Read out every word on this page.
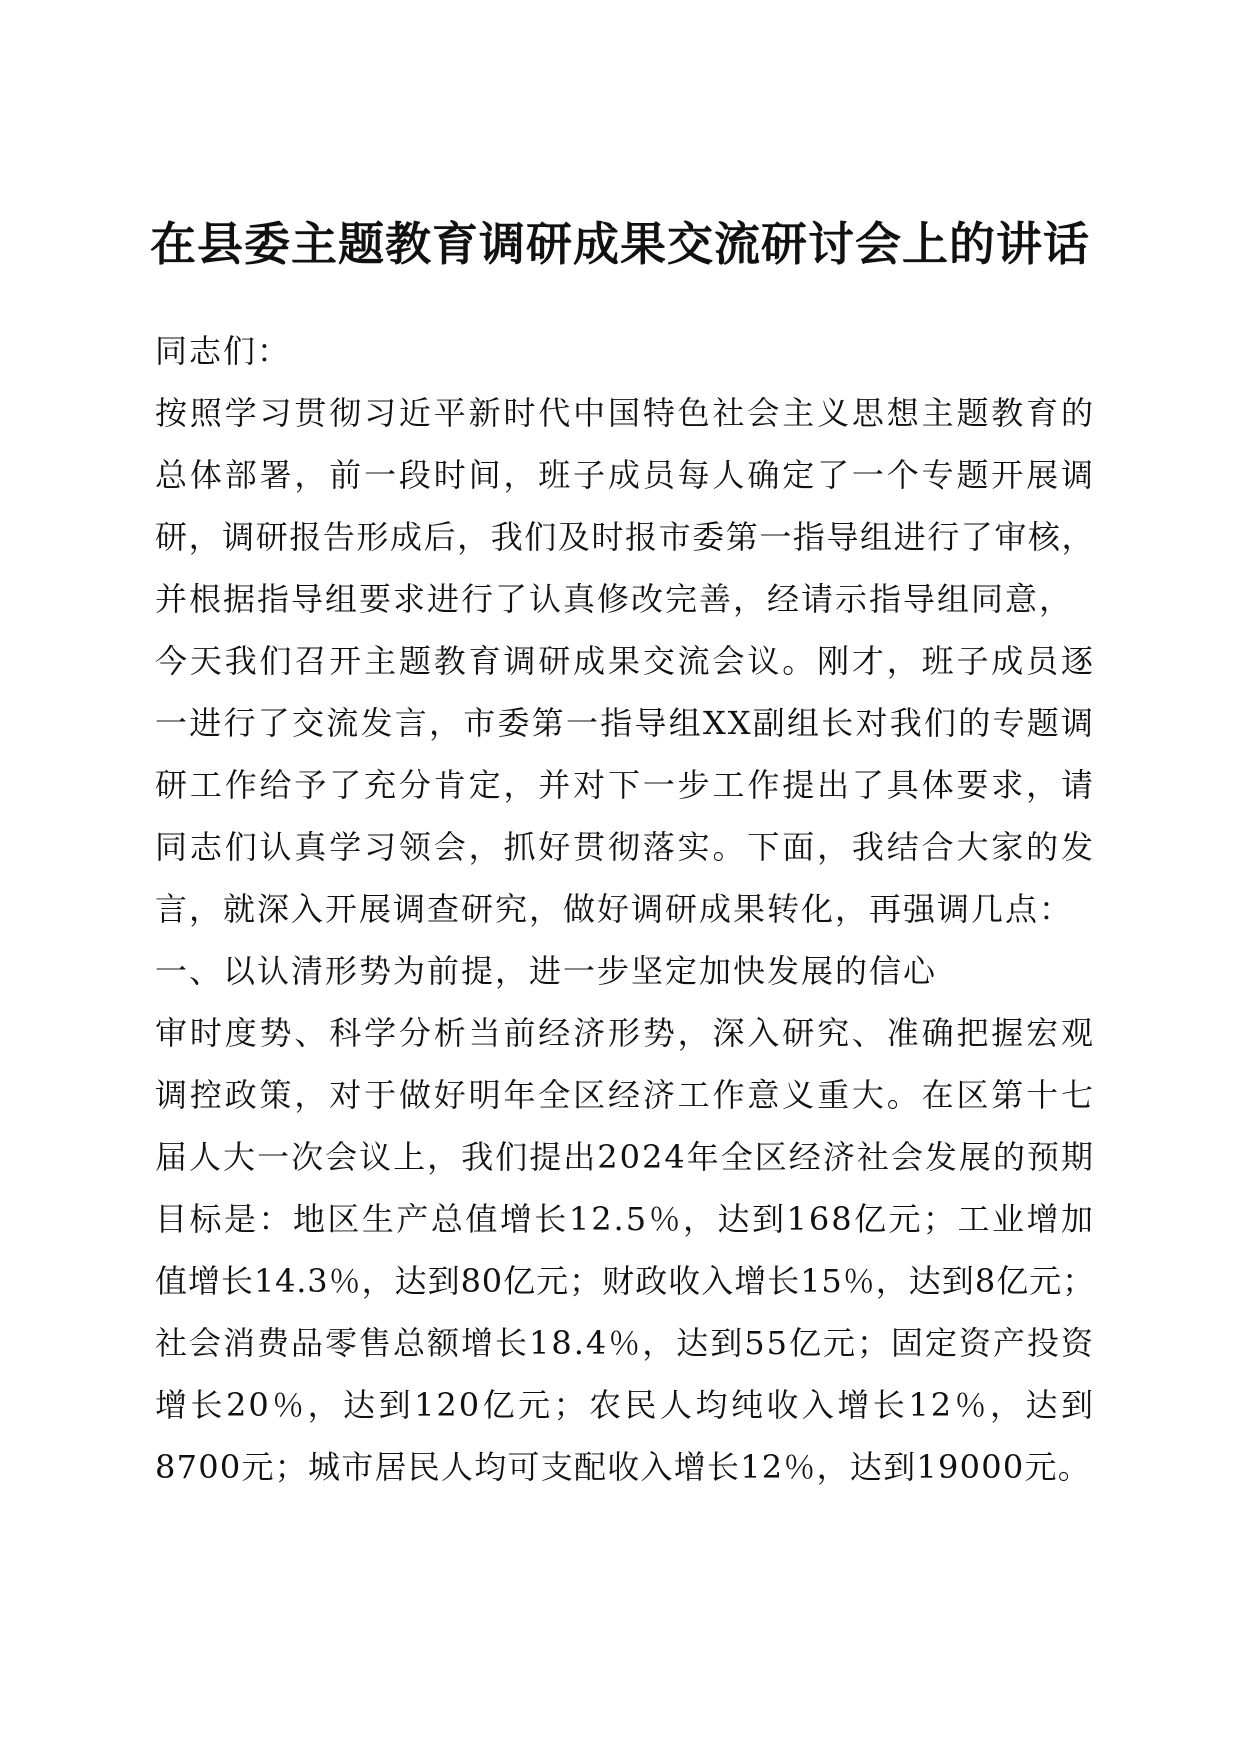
在县委主题教育调研成果交流研讨会上的讲话
同志们：
按照学习贯彻习近平新时代中国特色社会主义思想主题教育的
总体部署，前一段时间，班子成员每人确定了一个专题开展调
研，调研报告形成后，我们及时报市委第一指导组进行了审核，
并根据指导组要求进行了认真修改完善，经请示指导组同意，
今天我们召开主题教育调研成果交流会议。刚才，班子成员逐
一进行了交流发言，市委第一指导组XX副组长对我们的专题调
研工作给予了充分肯定，并对下一步工作提出了具体要求，请
同志们认真学习领会，抓好贯彻落实。下面，我结合大家的发
言，就深入开展调查研究，做好调研成果转化，再强调几点：
一、以认清形势为前提，进一步坚定加快发展的信心
审时度势、科学分析当前经济形势，深入研究、准确把握宏观
调控政策，对于做好明年全区经济工作意义重大。在区第十七
届人大一次会议上，我们提出2024年全区经济社会发展的预期
目标是：地区生产总值增长12.5％，达到168亿元；工业增加
值增长14.3％，达到80亿元；财政收入增长15％，达到8亿元；
社会消费品零售总额增长18.4％，达到55亿元；固定资产投资
增长20％，达到120亿元；农民人均纯收入增长12％，达到
8700元；城市居民人均可支配收入增长12％，达到19000元。
